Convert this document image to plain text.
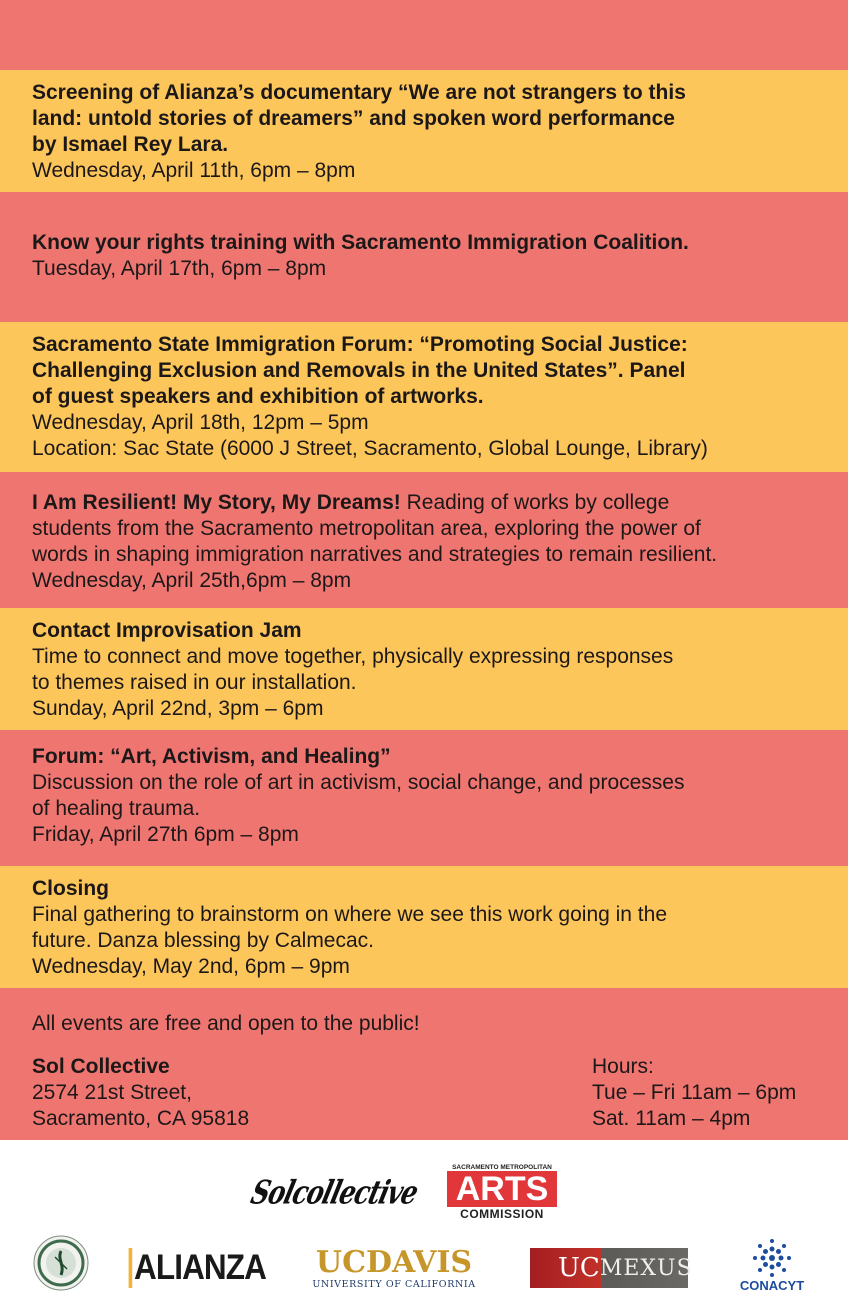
Screening of Alianza’s documentary “We are not strangers to this
land: untold stories of dreamers” and spoken word performance
by Ismael Rey Lara.
Wednesday, April 11th, 6pm – 8pm
Know your rights training with Sacramento Immigration Coalition.
Tuesday, April 17th, 6pm – 8pm
Sacramento State Immigration Forum: “Promoting Social Justice:
Challenging Exclusion and Removals in the United States”. Panel
of guest speakers and exhibition of artworks.
Wednesday, April 18th, 12pm – 5pm
Location: Sac State (6000 J Street, Sacramento, Global Lounge, Library)
I Am Resilient! My Story, My Dreams! Reading of works by college
students from the Sacramento metropolitan area, exploring the power of
words in shaping immigration narratives and strategies to remain resilient.
Wednesday, April 25th,6pm – 8pm
Contact Improvisation Jam
Time to connect and move together, physically expressing responses
to themes raised in our installation.
Sunday, April 22nd, 3pm – 6pm
Forum: “Art, Activism, and Healing”
Discussion on the role of art in activism, social change, and processes
of healing trauma.
Friday, April 27th 6pm – 8pm
Closing
Final gathering to brainstorm on where we see this work going in the
future. Danza blessing by Calmecac.
Wednesday, May 2nd, 6pm – 9pm
All events are free and open to the public!
Sol Collective
2574 21st Street,
Sacramento, CA 95818
Hours:
Tue – Fri 11am – 6pm
Sat. 11am – 4pm
Solcollective
SACRAMENTO METROPOLITAN
ARTS
COMMISSION
ALIANZA UCDAVIS
UNIVERSITY OF CALIFORNIA
UC MEXUS
CONACYT
